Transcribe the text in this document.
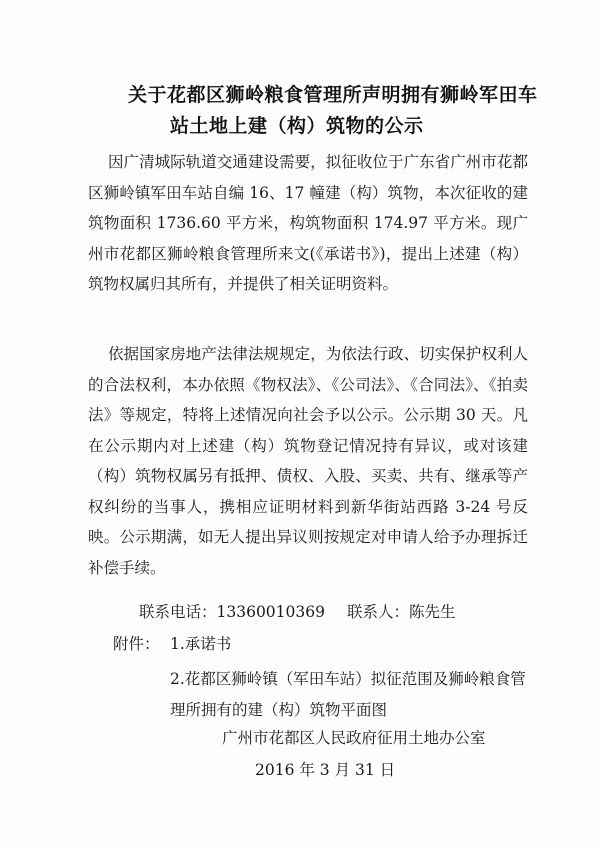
关于花都区狮岭粮食管理所声明拥有狮岭军田车
站土地上建（构）筑物的公示
因广清城际轨道交通建设需要，拟征收位于广东省广州市花都区狮岭镇军田车站自编 16、17 幢建（构）筑物，本次征收的建筑物面积 1736.60 平方米，构筑物面积 174.97 平方米。现广州市花都区狮岭粮食管理所来文(《承诺书》)，提出上述建（构）筑物权属归其所有，并提供了相关证明资料。
依据国家房地产法律法规规定，为依法行政、切实保护权利人的合法权利，本办依照《物权法》、《公司法》、《合同法》、《拍卖法》等规定，特将上述情况向社会予以公示。公示期 30 天。凡在公示期内对上述建（构）筑物登记情况持有异议，或对该建（构）筑物权属另有抵押、债权、入股、买卖、共有、继承等产权纠纷的当事人，携相应证明材料到新华街站西路 3-24 号反映。公示期满，如无人提出异议则按规定对申请人给予办理拆迁补偿手续。
联系电话：13360010369 联系人：陈先生
附件： 1.承诺书
2.花都区狮岭镇（军田车站）拟征范围及狮岭粮食管理所拥有的建（构）筑物平面图
广州市花都区人民政府征用土地办公室
2016 年 3 月 31 日
